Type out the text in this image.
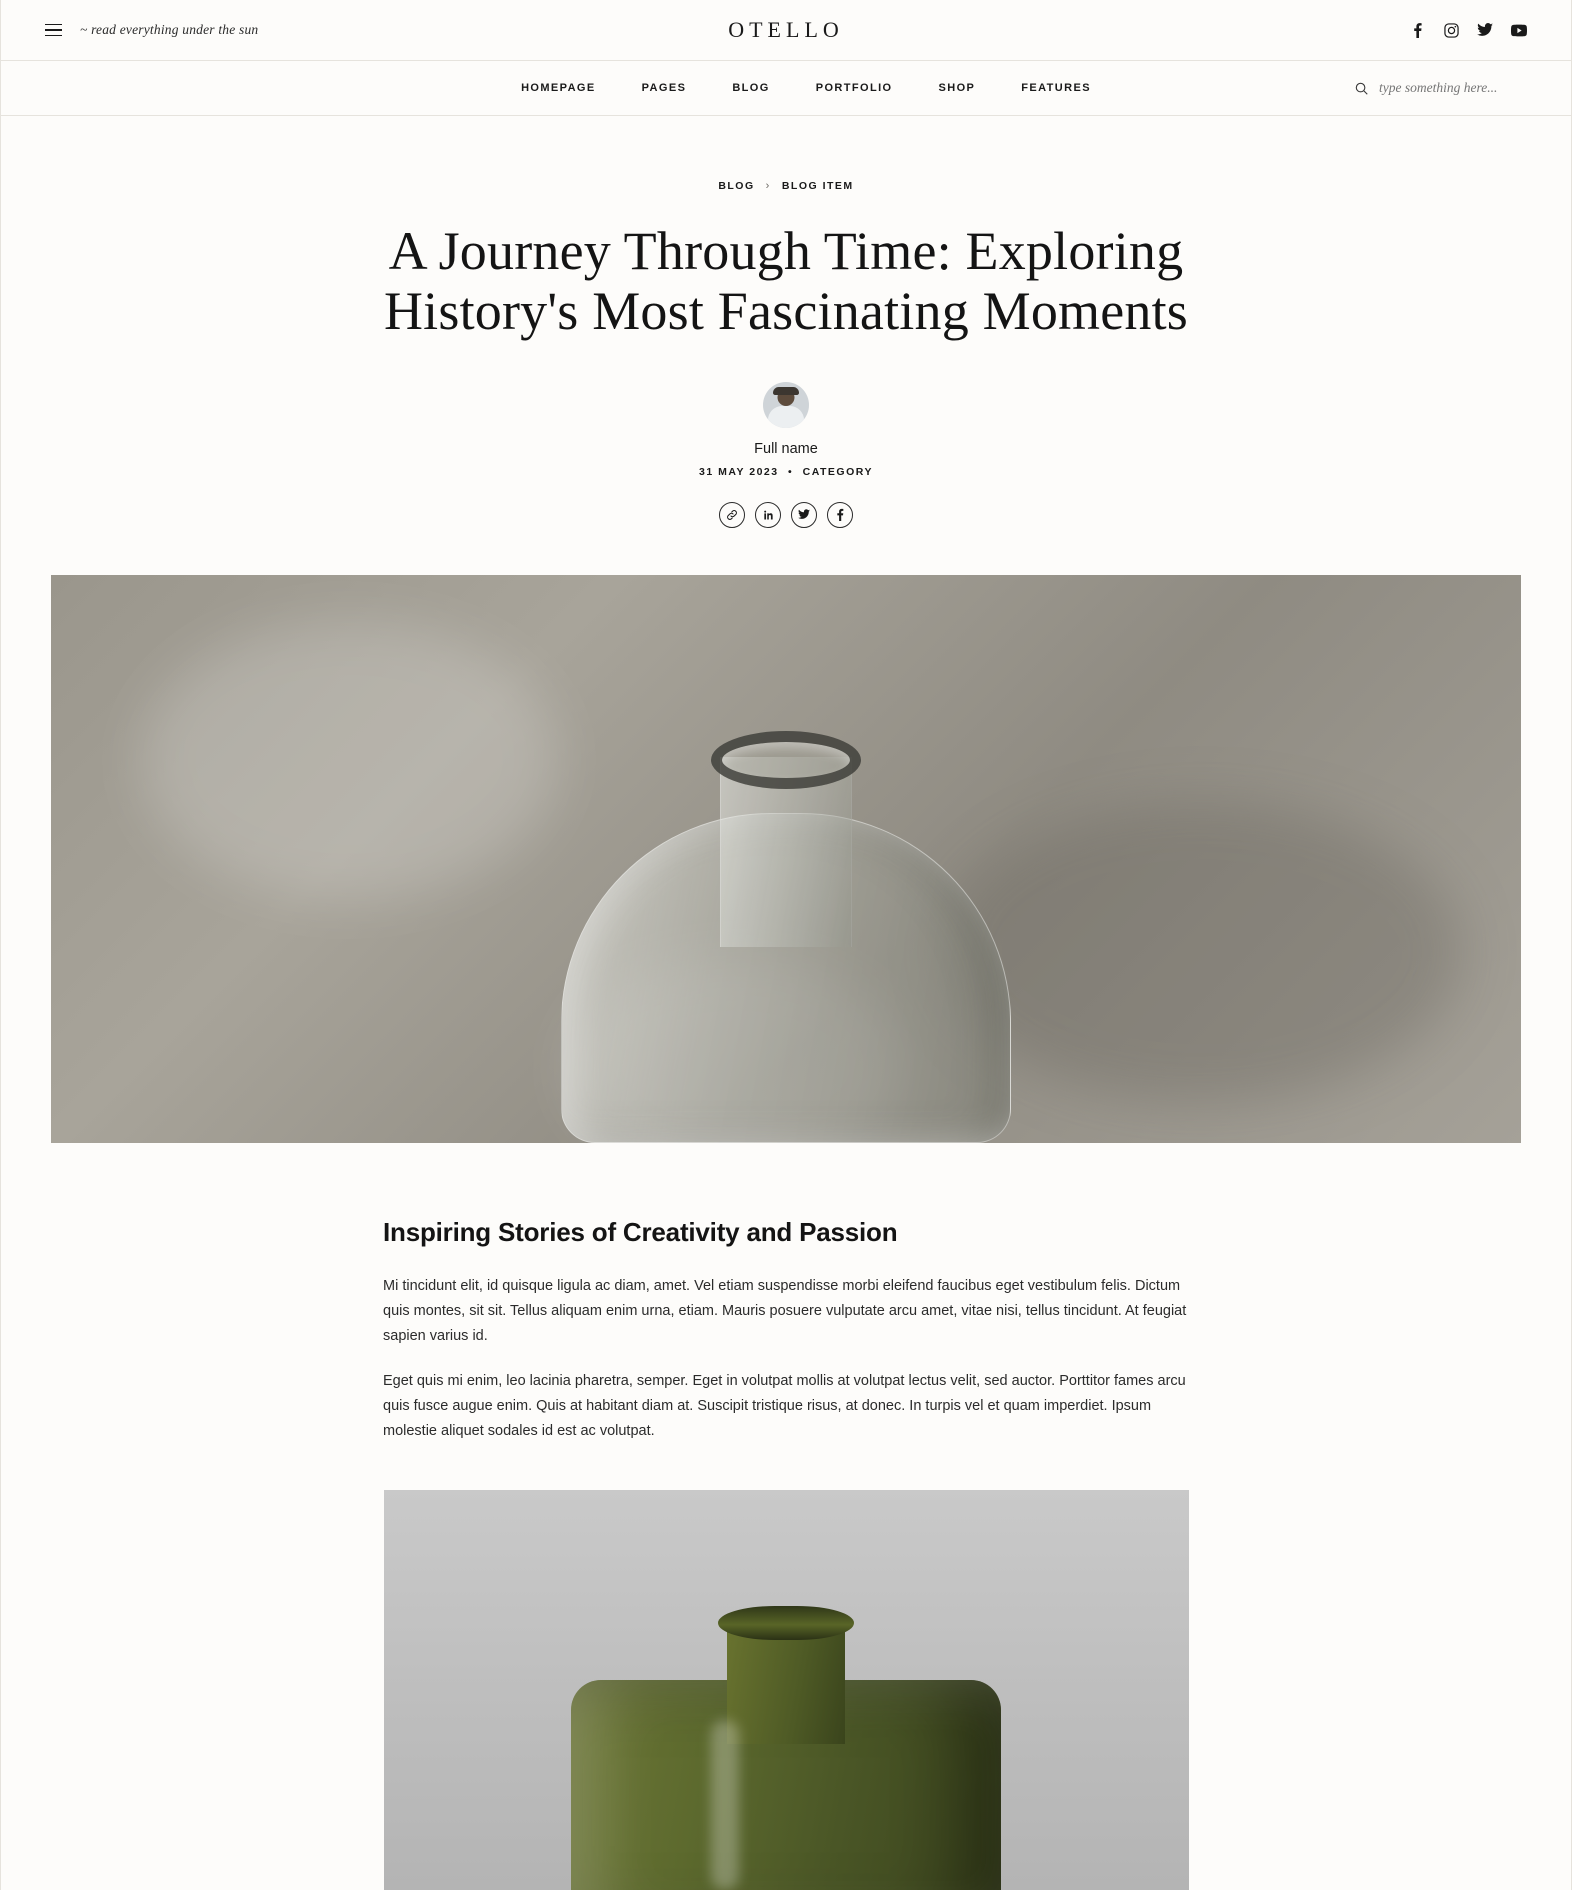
~ read everything under the sun	OTELLO
HOMEPAGE	PAGES	BLOG	PORTFOLIO	SHOP	FEATURES
type something here...
BLOG › BLOG ITEM
A Journey Through Time: Exploring History's Most Fascinating Moments
Full name
31 MAY 2023 • CATEGORY
Inspiring Stories of Creativity and Passion

Mi tincidunt elit, id quisque ligula ac diam, amet. Vel etiam suspendisse morbi eleifend faucibus eget vestibulum felis. Dictum quis montes, sit sit. Tellus aliquam enim urna, etiam. Mauris posuere vulputate arcu amet, vitae nisi, tellus tincidunt. At feugiat sapien varius id.

Eget quis mi enim, leo lacinia pharetra, semper. Eget in volutpat mollis at volutpat lectus velit, sed auctor. Porttitor fames arcu quis fusce augue enim. Quis at habitant diam at. Suscipit tristique risus, at donec. In turpis vel et quam imperdiet. Ipsum molestie aliquet sodales id est ac volutpat.
